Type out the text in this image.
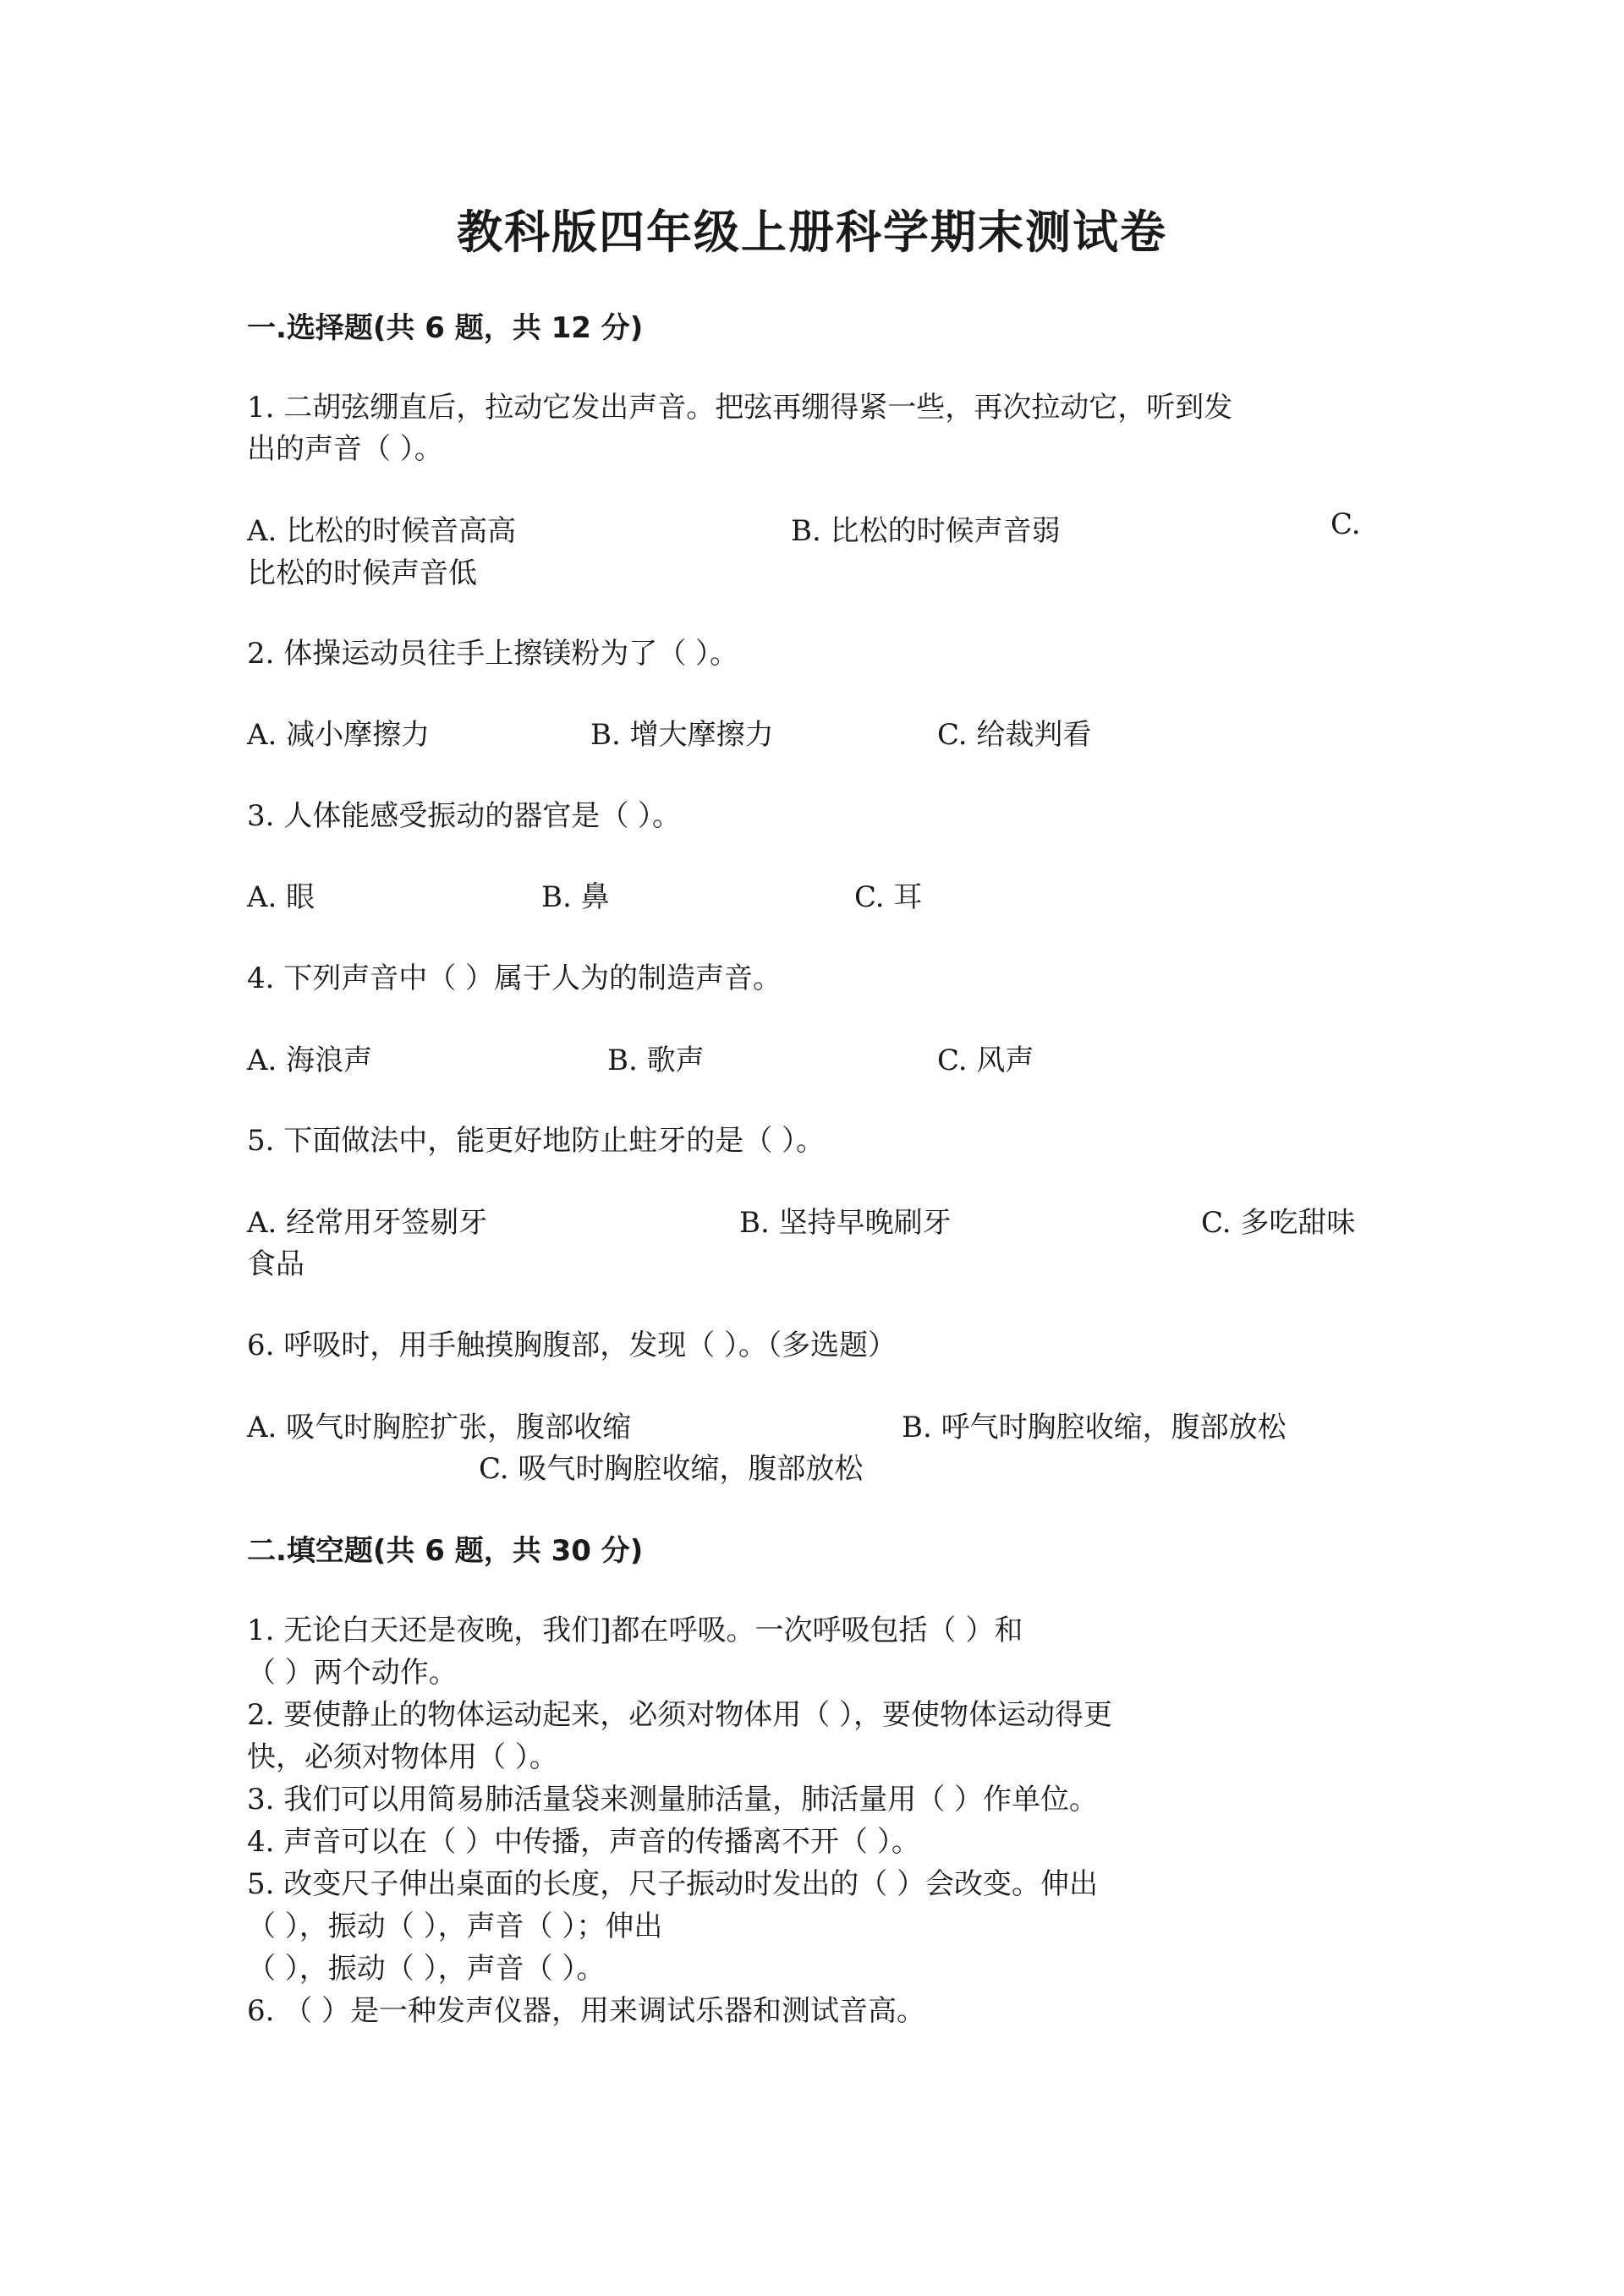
教科版四年级上册科学期末测试卷
一.选择题(共 6 题，共 12 分)
1. 二胡弦绷直后，拉动它发出声音。把弦再绷得紧一些，再次拉动它，听到发
出的声音（ ）。
A. 比松的时候音高高	B. 比松的时候声音弱	C.
比松的时候声音低
2. 体操运动员往手上擦镁粉为了（ ）。
A. 减小摩擦力	B. 增大摩擦力	C. 给裁判看
3. 人体能感受振动的器官是（ ）。
A. 眼	B. 鼻	C. 耳
4. 下列声音中（ ）属于人为的制造声音。
A. 海浪声	B. 歌声	C. 风声
5. 下面做法中，能更好地防止蛀牙的是（ ）。
A. 经常用牙签剔牙	B. 坚持早晚刷牙	C. 多吃甜味
食品
6. 呼吸时，用手触摸胸腹部，发现（ ）。（多选题）
A. 吸气时胸腔扩张，腹部收缩	B. 呼气时胸腔收缩，腹部放松
C. 吸气时胸腔收缩，腹部放松
二.填空题(共 6 题，共 30 分)
1. 无论白天还是夜晚，我们]都在呼吸。一次呼吸包括（ ）和
（ ）两个动作。
2. 要使静止的物体运动起来，必须对物体用（ ），要使物体运动得更
快，必须对物体用（ ）。
3. 我们可以用简易肺活量袋来测量肺活量，肺活量用（ ）作单位。
4. 声音可以在（ ）中传播，声音的传播离不开（ ）。
5. 改变尺子伸出桌面的长度，尺子振动时发出的（ ）会改变。伸出
（ ），振动（ ），声音（ ）；伸出
（ ），振动（ ），声音（ ）。
6. （ ）是一种发声仪器，用来调试乐器和测试音高。
